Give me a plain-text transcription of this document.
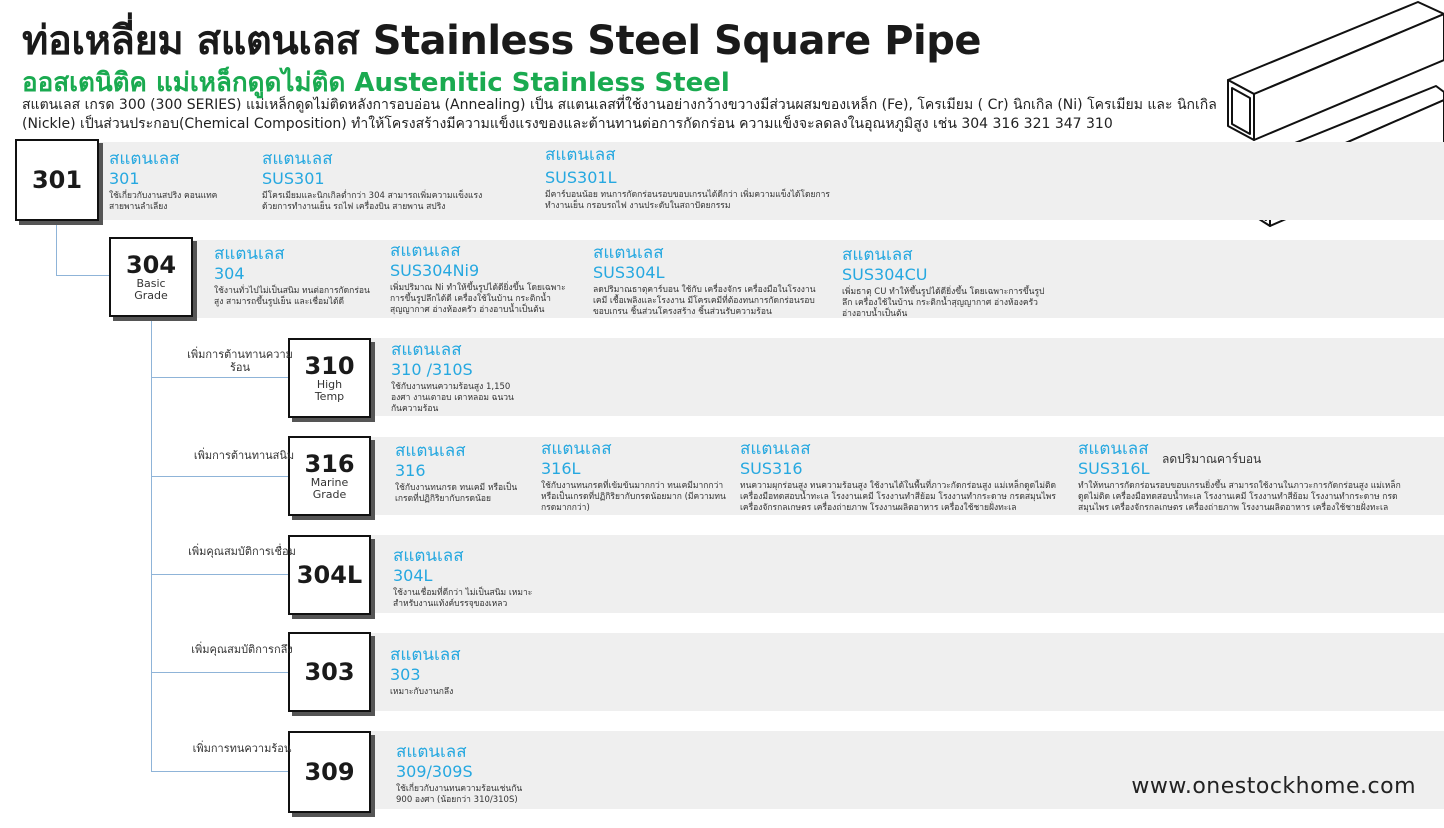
ท่อเหลี่ยม สแตนเลส Stainless Steel Square Pipe
ออสเตนิติค แม่เหล็กดูดไม่ติด Austenitic Stainless Steel
สแตนเลส เกรด 300 (300 SERIES) แม่เหล็กดูดไม่ติดหลังการอบอ่อน (Annealing) เป็น สแตนเลสที่ใช้งานอย่างกว้างขวางมีส่วนผสมของเหล็ก (Fe), โครเมียม ( Cr) นิกเกิล (Ni) โครเมียม และ นิกเกิล (Nickle) เป็นส่วนประกอบ(Chemical Composition) ทำให้โครงสร้างมีความแข็งแรงของและต้านทานต่อการกัดกร่อน ความแข็งจะลดลงในอุณหภูมิสูง เช่น 304 316 321 347 310
301
304
Basic Grade
310
High Temp
316
Marine Grade
304L
303
309
เพิ่มการต้านทานความร้อน
เพิ่มการต้านทานสนิม
เพิ่มคุณสมบัติการเชื่อม
เพิ่มคุณสมบัติการกลึง
เพิ่มการทนความร้อน
สแตนเลส
301
ใช้เกี่ยวกับงานสปริง คอนแทค สายพานลำเลียง
สแตนเลส
SUS301
มีโครเมียมและนิกเกิลต่ำกว่า 304 สามารถเพิ่มความแข็งแรง ด้วยการทำงานเย็น รถไฟ เครื่องบิน สายพาน สปริง
สแตนเลส
SUS301L
มีคาร์บอนน้อย ทนการกัดกร่อนรอบขอบเกรนได้ดีกว่า เพิ่มความแข็งได้โดยการทำงานเย็น กรอบรถไฟ งานประดับในสถาปัตยกรรม
สแตนเลส
304
ใช้งานทั่วไปไม่เป็นสนิม ทนต่อการกัดกร่อนสูง สามารถขึ้นรูปเย็น และเชื่อมได้ดี
สแตนเลส
SUS304Ni9
เพิ่มปริมาณ Ni ทำให้ขึ้นรูปได้ดียิ่งขึ้น โดยเฉพาะการขึ้นรูปลึกได้ดี เครื่องใช้ในบ้าน กระติกน้ำ สุญญากาศ อ่างห้องครัว อ่างอาบน้ำเป็นต้น
สแตนเลส
SUS304L
ลดปริมาณธาตุคาร์บอน ใช้กับ เครื่องจักร เครื่องมือในโรงงานเคมี เชื้อเพลิงและโรงงาน มีโครเคมีที่ต้องทนการกัดกร่อนรอบขอบเกรน ชิ้นส่วนโครงสร้าง ชิ้นส่วนรับความร้อน
สแตนเลส
SUS304CU
เพิ่มธาตุ CU ทำให้ขึ้นรูปได้ดียิ่งขึ้น โดยเฉพาะการขึ้นรูปลึก เครื่องใช้ในบ้าน กระติกน้ำสุญญากาศ อ่างห้องครัว อ่างอาบน้ำเป็นต้น
สแตนเลส
310 /310S
ใช้กับงานทนความร้อนสูง 1,150 องศา งานเตาอบ เตาหลอม ฉนวนกันความร้อน
สแตนเลส
316
ใช้กับงานทนกรด ทนเคมี หรือเป็นเกรดที่ปฏิกิริยากับกรดน้อย
สแตนเลส
316L
ใช้กับงานทนกรดที่เข้มข้นมากกว่า ทนเคมีมากกว่า หรือเป็นเกรดที่ปฏิกิริยากับกรดน้อยมาก (มีความทนกรดมากกว่า)
สแตนเลส
SUS316
ทนความผุกร่อนสูง ทนความร้อนสูง ใช้งานได้ในพื้นที่ภาวะกัดกร่อนสูง แม่เหล็กดูดไม่ติด เครื่องมือทดสอบน้ำทะเล โรงงานเคมี โรงงานทำสีย้อม โรงงานทำกระดาษ กรดสมุนไพร เครื่องจักรกลเกษตร เครื่องถ่ายภาพ โรงงานผลิตอาหาร เครื่องใช้ชายฝั่งทะเล
สแตนเลส
SUS316L
ทำให้ทนการกัดกร่อนรอบขอบเกรนยิ่งขึ้น สามารถใช้งานในภาวะการกัดกร่อนสูง แม่เหล็กดูดไม่ติด เครื่องมือทดสอบน้ำทะเล โรงงานเคมี โรงงานทำสีย้อม โรงงานทำกระดาษ กรดสมุนไพร เครื่องจักรกลเกษตร เครื่องถ่ายภาพ โรงงานผลิตอาหาร เครื่องใช้ชายฝั่งทะเล
ลดปริมาณคาร์บอน
สแตนเลส
304L
ใช้งานเชื่อมที่ดีกว่า ไม่เป็นสนิม เหมาะสำหรับงานแท้งค์บรรจุของเหลว
สแตนเลส
303
เหมาะกับงานกลึง
สแตนเลส
309/309S
ใช้เกี่ยวกับงานทนความร้อนเช่นกัน 900 องศา (น้อยกว่า 310/310S)
www.onestockhome.com
